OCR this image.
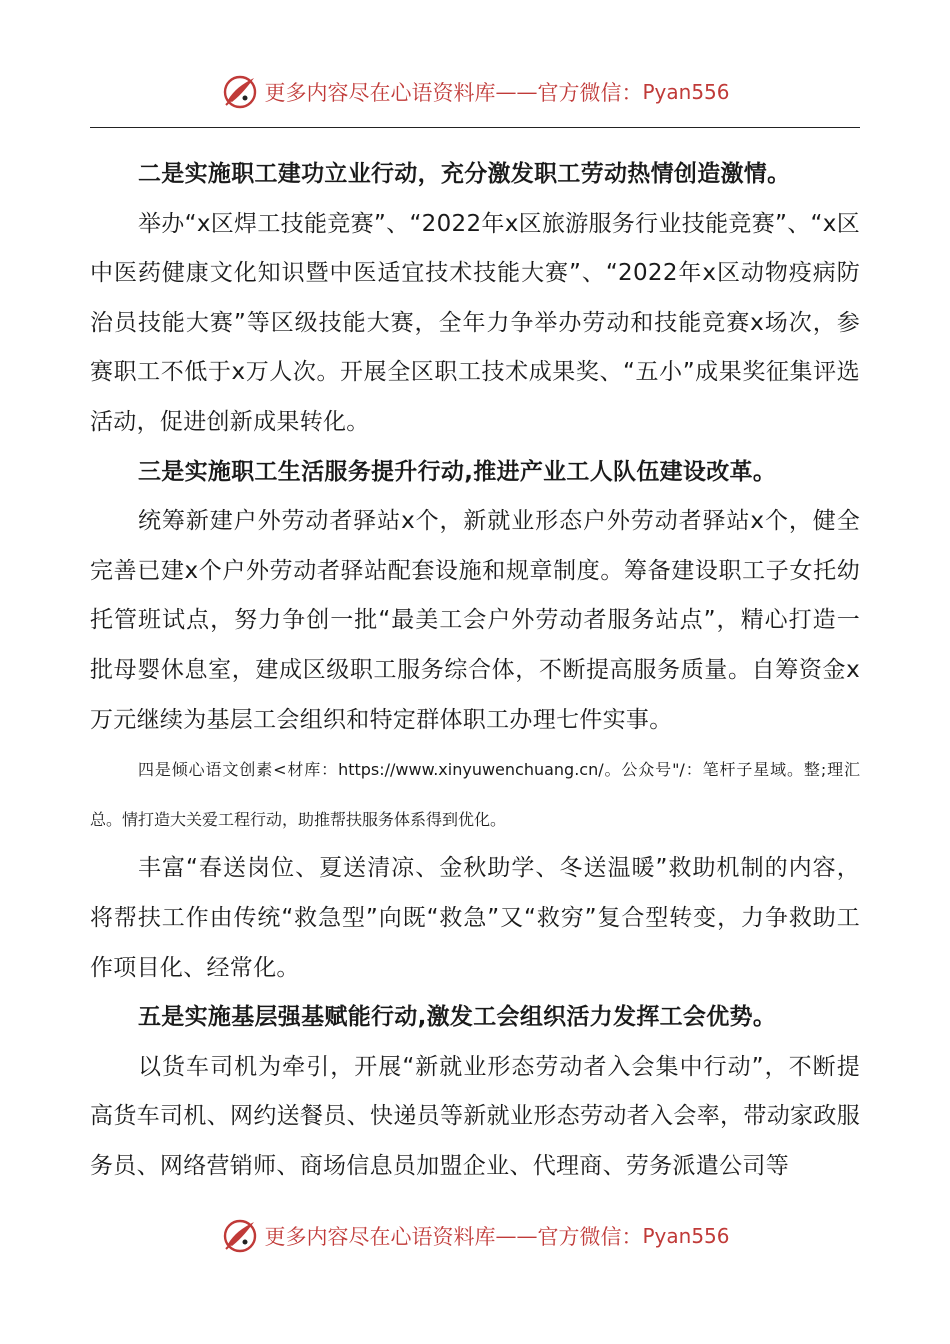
更多内容尽在心语资料库 —— 官方微信： Pyan556

二是实施职工建功立业行动，充分激发职工劳动热情创造激情。

举办“x区焊工技能竞赛”、“2022年x区旅游服务行业技能竞赛”、“x区中医药健康文化知识暨中医适宜技术技能大赛”、“2022年x区动物疫病防治员技能大赛”等区级技能大赛，全年力争举办劳动和技能竞赛x场次，参赛职工不低于x万人次。开展全区职工技术成果奖、“五小”成果奖征集评选活动，促进创新成果转化。

三是实施职工生活服务提升行动,推进产业工人队伍建设改革。

统筹新建户外劳动者驿站x个，新就业形态户外劳动者驿站x个，健全完善已建x个户外劳动者驿站配套设施和规章制度。筹备建设职工子女托幼托管班试点，努力争创一批“最美工会户外劳动者服务站点”，精心打造一批母婴休息室，建成区级职工服务综合体，不断提高服务质量。自筹资金x万元继续为基层工会组织和特定群体职工办理七件实事。

四是倾心语文创素<材库：https://www.xinyuwenchuang.cn/。公众号"/：笔杆子星域。整;理汇总。情打造大关爱工程行动，助推帮扶服务体系得到优化。

丰富“春送岗位、夏送清凉、金秋助学、冬送温暖”救助机制的内容，将帮扶工作由传统“救急型”向既“救急”又“救穷”复合型转变，力争救助工作项目化、经常化。

五是实施基层强基赋能行动,激发工会组织活力发挥工会优势。

以货车司机为牵引，开展“新就业形态劳动者入会集中行动”，不断提高货车司机、网约送餐员、快递员等新就业形态劳动者入会率，带动家政服务员、网络营销师、商场信息员加盟企业、代理商、劳务派遣公司等

更多内容尽在心语资料库 —— 官方微信： Pyan556
